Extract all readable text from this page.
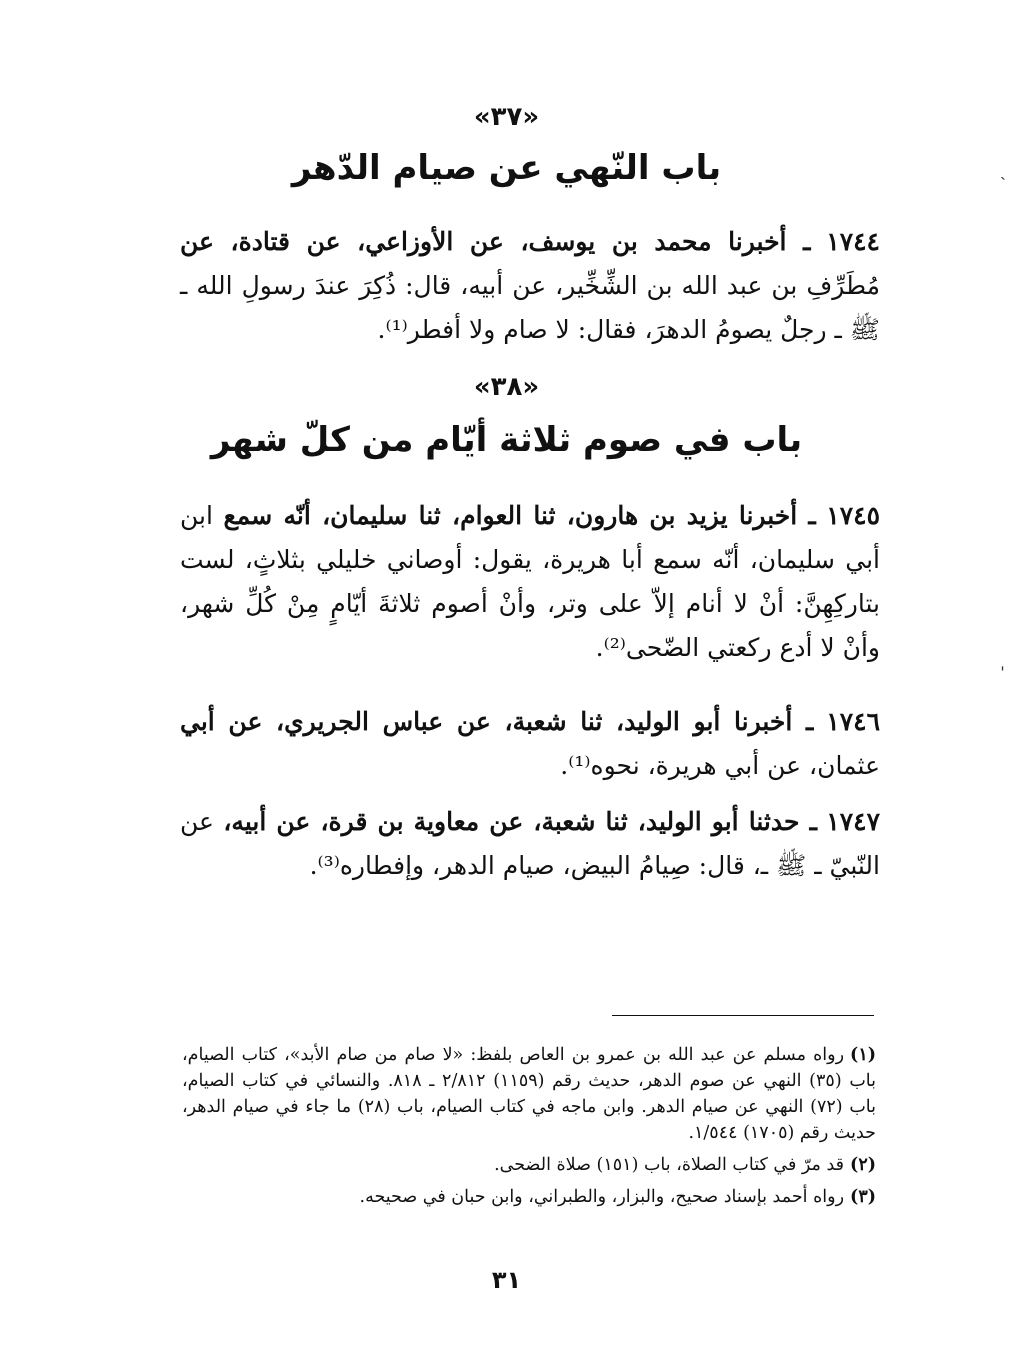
«٣٧»
باب النّهي عن صيام الدّهر
١٧٤٤ ـ أخبرنا محمد بن يوسف، عن الأوزاعي، عن قتادة، عن مُطَرِّفِ بن عبد الله بن الشِّخِّير، عن أبيه، قال: ذُكِرَ عندَ رسولِ الله ـ ﷺ ـ رجلٌ يصومُ الدهرَ، فقال: لا صام ولا أفطر⁽¹⁾.
«٣٨»
باب في صوم ثلاثة أيّام من كلّ شهر
١٧٤٥ ـ أخبرنا يزيد بن هارون، ثنا العوام، ثنا سليمان، أنّه سمع ابن أبي سليمان، أنّه سمع أبا هريرة، يقول: أوصاني خليلي بثلاثٍ، لست بتاركِهِنَّ: أنْ لا أنام إلاّ على وتر، وأنْ أصوم ثلاثةَ أيّامٍ مِنْ كُلِّ شهر، وأنْ لا أدع ركعتي الضّحى⁽²⁾.
١٧٤٦ ـ أخبرنا أبو الوليد، ثنا شعبة، عن عباس الجريري، عن أبي عثمان، عن أبي هريرة، نحوه⁽¹⁾.
١٧٤٧ ـ حدثنا أبو الوليد، ثنا شعبة، عن معاوية بن قرة، عن أبيه، عن النّبيّ ـ ﷺ ـ، قال: صِيامُ البيض، صيام الدهر، وإفطاره⁽³⁾.

(١)رواه مسلم عن عبد الله بن عمرو بن العاص بلفظ: «لا صام من صام الأبد»، كتاب الصيام، باب (٣٥) النهي عن صوم الدهر، حديث رقم (١١٥٩) ٢/٨١٢ ـ ٨١٨. والنسائي في كتاب الصيام، باب (٧٢) النهي عن صيام الدهر. وابن ماجه في كتاب الصيام، باب (٢٨) ما جاء في صيام الدهر، حديث رقم (١٧٠٥) ١/٥٤٤.

(٢)قد مرّ في كتاب الصلاة، باب (١٥١) صلاة الضحى.

(٣)رواه أحمد بإسناد صحيح، والبزار، والطبراني، وابن حبان في صحيحه.

٣١
ˎ
ˈ
